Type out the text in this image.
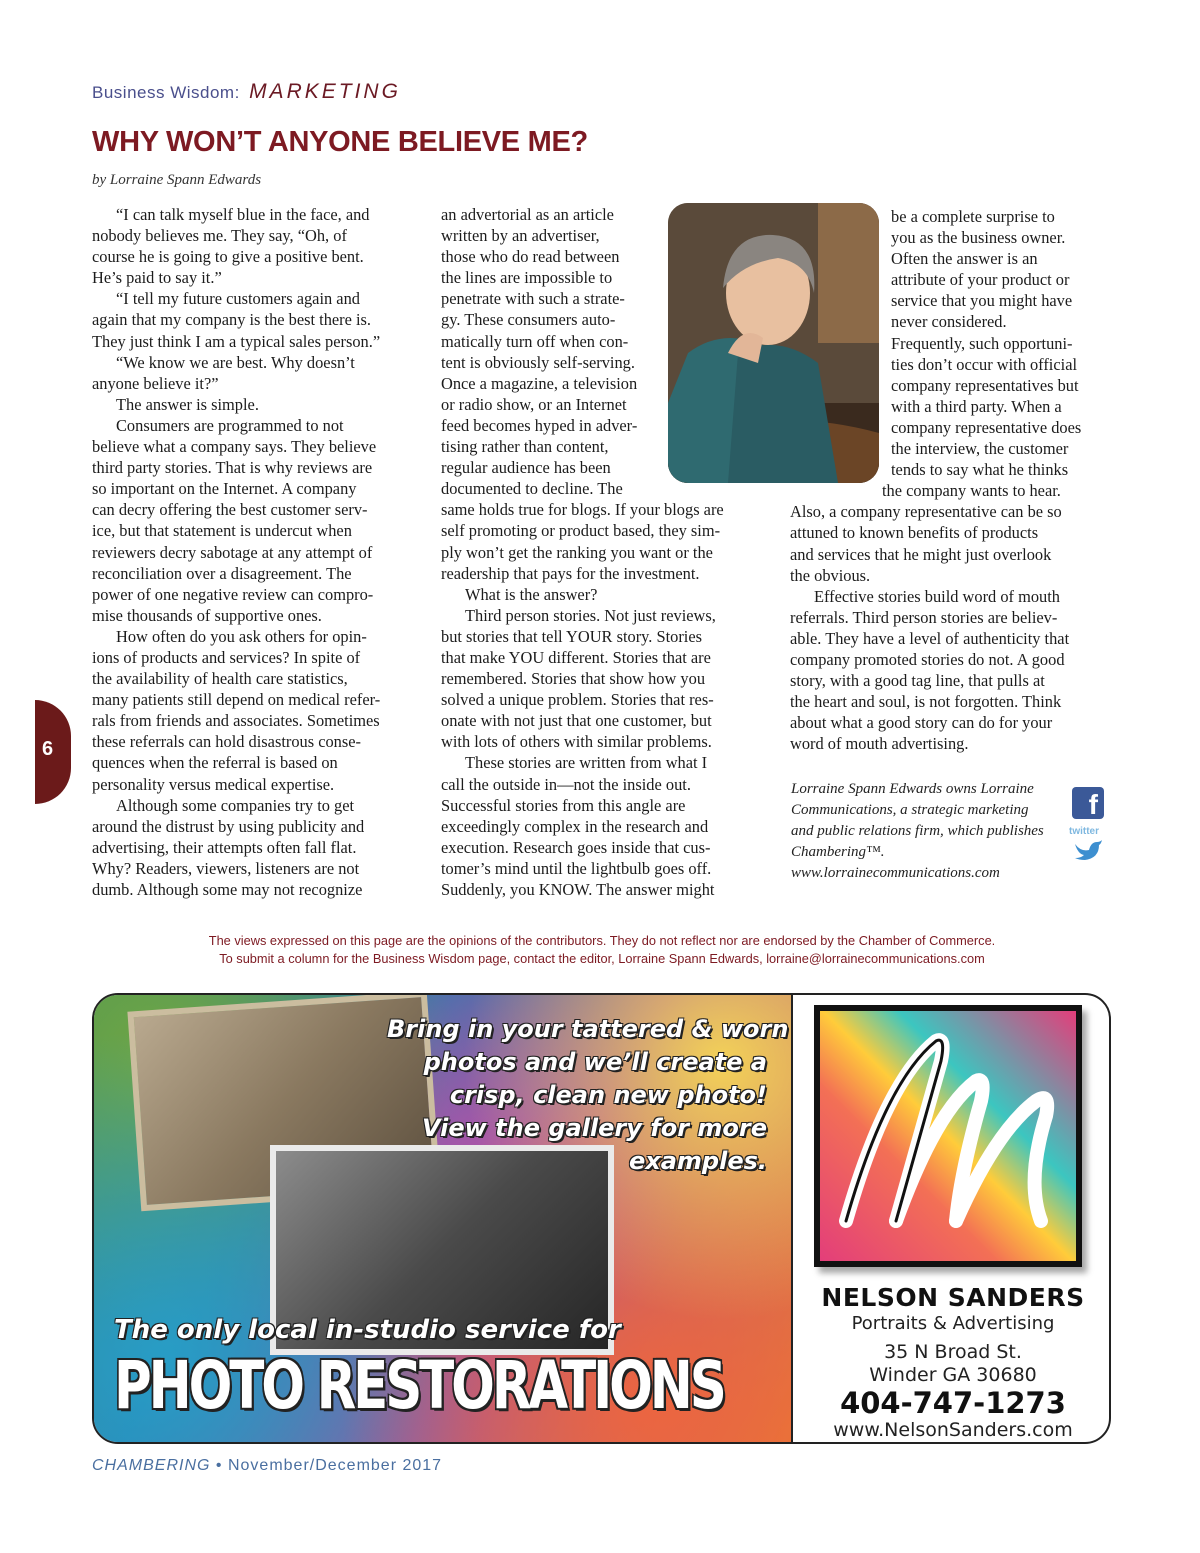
Business Wisdom: MARKETING
WHY WON’T ANYONE BELIEVE ME?
by Lorraine Spann Edwards

“I can talk myself blue in the face, and
nobody believes me. They say, “Oh, of
course he is going to give a positive bent.
He’s paid to say it.”

“I tell my future customers again and
again that my company is the best there is.
They just think I am a typical sales person.”

“We know we are best. Why doesn’t
anyone believe it?”

The answer is simple.

Consumers are programmed to not
believe what a company says. They believe
third party stories. That is why reviews are
so important on the Internet. A company
can decry offering the best customer serv-
ice, but that statement is undercut when
reviewers decry sabotage at any attempt of
reconciliation over a disagreement. The
power of one negative review can compro-
mise thousands of supportive ones.

How often do you ask others for opin-
ions of products and services? In spite of
the availability of health care statistics,
many patients still depend on medical refer-
rals from friends and associates. Sometimes
these referrals can hold disastrous conse-
quences when the referral is based on
personality versus medical expertise.

Although some companies try to get
around the distrust by using publicity and
advertising, their attempts often fall flat.
Why? Readers, viewers, listeners are not
dumb. Although some may not recognize

an advertorial as an article
written by an advertiser,
those who do read between
the lines are impossible to
penetrate with such a strate-
gy. These consumers auto-
matically turn off when con-
tent is obviously self-serving.
Once a magazine, a television
or radio show, or an Internet
feed becomes hyped in adver-
tising rather than content,
regular audience has been
documented to decline. The
same holds true for blogs. If your blogs are
self promoting or product based, they sim-
ply won’t get the ranking you want or the
readership that pays for the investment.

What is the answer?

Third person stories. Not just reviews,
but stories that tell YOUR story. Stories
that make YOU different. Stories that are
remembered. Stories that show how you
solved a unique problem. Stories that res-
onate with not just that one customer, but
with lots of others with similar problems.

These stories are written from what I
call the outside in—not the inside out.
Successful stories from this angle are
exceedingly complex in the research and
execution. Research goes inside that cus-
tomer’s mind until the lightbulb goes off.
Suddenly, you KNOW. The answer might

be a complete surprise to
you as the business owner.
Often the answer is an
attribute of your product or
service that you might have
never considered.
Frequently, such opportuni-
ties don’t occur with official
company representatives but
with a third party. When a
company representative does
the interview, the customer
tends to say what he thinks
the company wants to hear.

Also, a company representative can be so
attuned to known benefits of products
and services that he might just overlook
the obvious.

Effective stories build word of mouth
referrals. Third person stories are believ-
able. They have a level of authenticity that
company promoted stories do not. A good
story, with a good tag line, that pulls at
the heart and soul, is not forgotten. Think
about what a good story can do for your
word of mouth advertising.

Lorraine Spann Edwards owns Lorraine
Communications, a strategic marketing
and public relations firm, which publishes
Chambering™.
www.lorrainecommunications.com
f
twitter
6
The views expressed on this page are the opinions of the contributors. They do not reflect nor are endorsed by the Chamber of Commerce.
To submit a column for the Business Wisdom page, contact the editor, Lorraine Spann Edwards, lorraine@lorrainecommunications.com
Bring in your tattered & worn
photos and we’ll create a
crisp, clean new photo!
View the gallery for more
examples.
The only local in-studio service for
PHOTO RESTORATIONS
NELSON SANDERS
Portraits & Advertising
35 N Broad St.
Winder GA 30680
404-747-1273
www.NelsonSanders.com
CHAMBERING • November/December 2017
